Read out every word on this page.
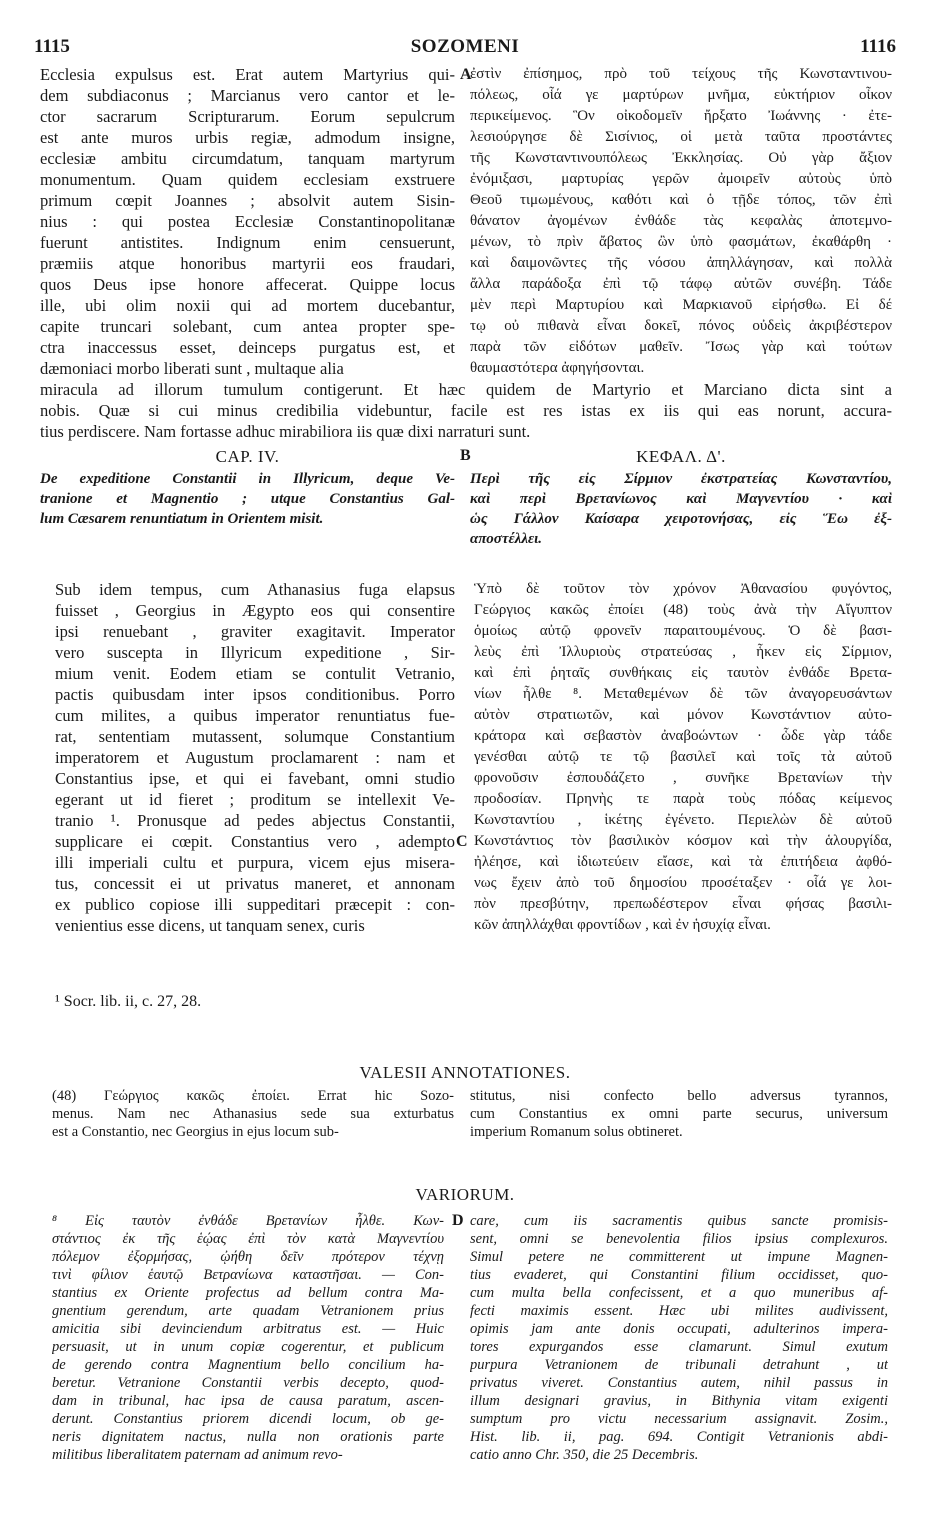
1115	SOZOMENI	1116
Ecclesia expulsus est. Erat autem Martyrius qui-
dem subdiaconus ; Marcianus vero cantor et le-
ctor sacrarum Scripturarum. Eorum sepulcrum
est ante muros urbis regiæ, admodum insigne,
ecclesiæ ambitu circumdatum, tanquam martyrum
monumentum. Quam quidem ecclesiam exstruere
primum cœpit Joannes ; absolvit autem Sisin-
nius : qui postea Ecclesiæ Constantinopolitanæ
fuerunt antistites. Indignum enim censuerunt,
præmiis atque honoribus martyrii eos fraudari,
quos Deus ipse honore affecerat. Quippe locus
ille, ubi olim noxii qui ad mortem ducebantur,
capite truncari solebant, cum antea propter spe-
ctra inaccessus esset, deinceps purgatus est, et
dæmoniaci morbo liberati sunt , multaque alia
A
ἐστὶν ἐπίσημος, πρὸ τοῦ τείχους τῆς Κωνσταντινου-
πόλεως, οἷά γε μαρτύρων μνῆμα, εὐκτήριον οἶκον
περικείμενος. Ὃν οἰκοδομεῖν ἤρξατο Ἰωάννης · ἐτε-
λεσιούργησε δὲ Σισίνιος, οἱ μετὰ ταῦτα προστάντες
τῆς Κωνσταντινουπόλεως Ἐκκλησίας. Οὐ γὰρ ἄξιον
ἐνόμιξασι, μαρτυρίας γερῶν ἀμοιρεῖν αὐτοὺς ὑπὸ
Θεοῦ τιμωμένους, καθότι καὶ ὁ τῇδε τόπος, τῶν ἐπὶ
θάνατον ἀγομένων ἐνθάδε τὰς κεφαλὰς ἀποτεμνο-
μένων, τὸ πρὶν ἄβατος ὢν ὑπὸ φασμάτων, ἐκαθάρθη ·
καὶ δαιμονῶντες τῆς νόσου ἀπηλλάγησαν, καὶ πολλὰ
ἄλλα παράδοξα ἐπὶ τῷ τάφῳ αὐτῶν συνέβη. Τάδε
μὲν περὶ Μαρτυρίου καὶ Μαρκιανοῦ εἰρήσθω. Εἰ δέ
τῳ οὐ πιθανὰ εἶναι δοκεῖ, πόνος οὐδεὶς ἀκριβέστερον
παρὰ τῶν εἰδότων μαθεῖν. Ἴσως γὰρ καὶ τούτων
θαυμαστότερα ἀφηγήσονται.
miracula ad illorum tumulum contigerunt. Et hæc quidem de Martyrio et Marciano dicta sint a
nobis. Quæ si cui minus credibilia videbuntur, facile est res istas ex iis qui eas norunt, accura-
tius perdiscere. Nam fortasse adhuc mirabiliora iis quæ dixi narraturi sunt.
CAP. IV.	B	ΚΕΦΑΛ. Δ'.
De expeditione Constantii in Illyricum, deque Ve-
tranione et Magnentio ; utque Constantius Gal-
lum Cæsarem renuntiatum in Orientem misit.
Περὶ τῆς εἰς Σίρμιον ἐκστρατείας Κωνσταντίου,
καὶ περὶ Βρετανίωνος καὶ Μαγνεντίου · καὶ
ὡς Γάλλον Καίσαρα χειροτονήσας, εἰς Ἕω ἐξ-
αποστέλλει.
Sub idem tempus, cum Athanasius fuga elapsus
fuisset , Georgius in Ægypto eos qui consentire
ipsi renuebant , graviter exagitavit. Imperator
vero suscepta in Illyricum expeditione , Sir-
mium venit. Eodem etiam se contulit Vetranio,
pactis quibusdam inter ipsos conditionibus. Porro
cum milites, a quibus imperator renuntiatus fue-
rat, sententiam mutassent, solumque Constantium
imperatorem et Augustum proclamarent : nam et
Constantius ipse, et qui ei favebant, omni studio
egerant ut id fieret ; proditum se intellexit Ve-
tranio ¹. Pronusque ad pedes abjectus Constantii,
supplicare ei cœpit. Constantius vero , adempto
illi imperiali cultu et purpura, vicem ejus misera-
tus, concessit ei ut privatus maneret, et annonam
ex publico copiose illi suppeditari præcepit : con-
venientius esse dicens, ut tanquam senex, curis
C
Ὑπὸ δὲ τοῦτον τὸν χρόνον Ἀθανασίου φυγόντος,
Γεώργιος κακῶς ἐποίει (48) τοὺς ἀνὰ τὴν Αἴγυπτον
ὁμοίως αὐτῷ φρονεῖν παραιτουμένους. Ὁ δὲ βασι-
λεὺς ἐπὶ Ἰλλυριοὺς στρατεύσας , ἧκεν εἰς Σίρμιον,
καὶ ἐπὶ ῥηταῖς συνθήκαις εἰς ταυτὸν ἐνθάδε Βρετα-
νίων ἦλθε ⁸. Μεταθεμένων δὲ τῶν ἀναγορευσάντων
αὐτὸν στρατιωτῶν, καὶ μόνον Κωνστάντιον αὐτο-
κράτορα καὶ σεβαστὸν ἀναβοώντων · ὧδε γὰρ τάδε
γενέσθαι αὐτῷ τε τῷ βασιλεῖ καὶ τοῖς τὰ αὐτοῦ
φρονοῦσιν ἐσπουδάζετο , συνῆκε Βρετανίων τὴν
προδοσίαν. Πρηνὴς τε παρὰ τοὺς πόδας κείμενος
Κωνσταντίου , ἱκέτης ἐγένετο. Περιελὼν δὲ αὐτοῦ
Κωνστάντιος τὸν βασιλικὸν κόσμον καὶ τὴν ἁλουργίδα,
ἠλέησε, καὶ ἰδιωτεύειν εἴασε, καὶ τὰ ἐπιτήδεια ἀφθό-
νως ἔχειν ἀπὸ τοῦ δημοσίου προσέταξεν · οἷά γε λοι-
πὸν πρεσβύτην, πρεπωδέστερον εἶναι φήσας βασιλι-
κῶν ἀπηλλάχθαι φροντίδων , καὶ ἐν ἡσυχίᾳ εἶναι.
¹ Socr. lib. ii, c. 27, 28.
VALESII ANNOTATIONES.
(48) Γεώργιος κακῶς ἐποίει. Errat hic Sozo-
menus. Nam nec Athanasius sede sua exturbatus
est a Constantio, nec Georgius in ejus locum sub-
stitutus, nisi confecto bello adversus tyrannos,
cum Constantius ex omni parte securus, universum
imperium Romanum solus obtineret.
VARIORUM.
⁸ Εἰς ταυτὸν ἐνθάδε Βρετανίων ἦλθε. Κων-
στάντιος ἐκ τῆς ἑῴας ἐπὶ τὸν κατὰ Μαγνεντίου
πόλεμον ἐξορμήσας, ᾠήθη δεῖν πρότερον τέχνῃ
τινὶ φίλιον ἑαυτῷ Βετρανίωνα καταστῆσαι. — Con-
stantius ex Oriente profectus ad bellum contra Ma-
gnentium gerendum, arte quadam Vetranionem prius
amicitia sibi devinciendum arbitratus est. — Huic
persuasit, ut in unum copiæ cogerentur, et publicum
de gerendo contra Magnentium bello concilium ha-
beretur. Vetranione Constantii verbis decepto, quod-
dam in tribunal, hac ipsa de causa paratum, ascen-
derunt. Constantius priorem dicendi locum, ob ge-
neris dignitatem nactus, nulla non orationis parte
militibus liberalitatem paternam ad animum revo-
D care, cum iis sacramentis quibus sancte promisis-
sent, omni se benevolentia filios ipsius complexuros.
Simul petere ne committerent ut impune Magnen-
tius evaderet, qui Constantini filium occidisset, quo-
cum multa bella confecissent, et a quo muneribus af-
fecti maximis essent. Hæc ubi milites audivissent,
opimis jam ante donis occupati, adulterinos impera-
tores expurgandos esse clamarunt. Simul exutum
purpura Vetranionem de tribunali detrahunt , ut
privatus viveret. Constantius autem, nihil passus in
illum designari gravius, in Bithynia vitam exigenti
sumptum pro victu necessarium assignavit. Zosim.,
Hist. lib. ii, pag. 694. Contigit Vetranionis abdi-
catio anno Chr. 350, die 25 Decembris.
